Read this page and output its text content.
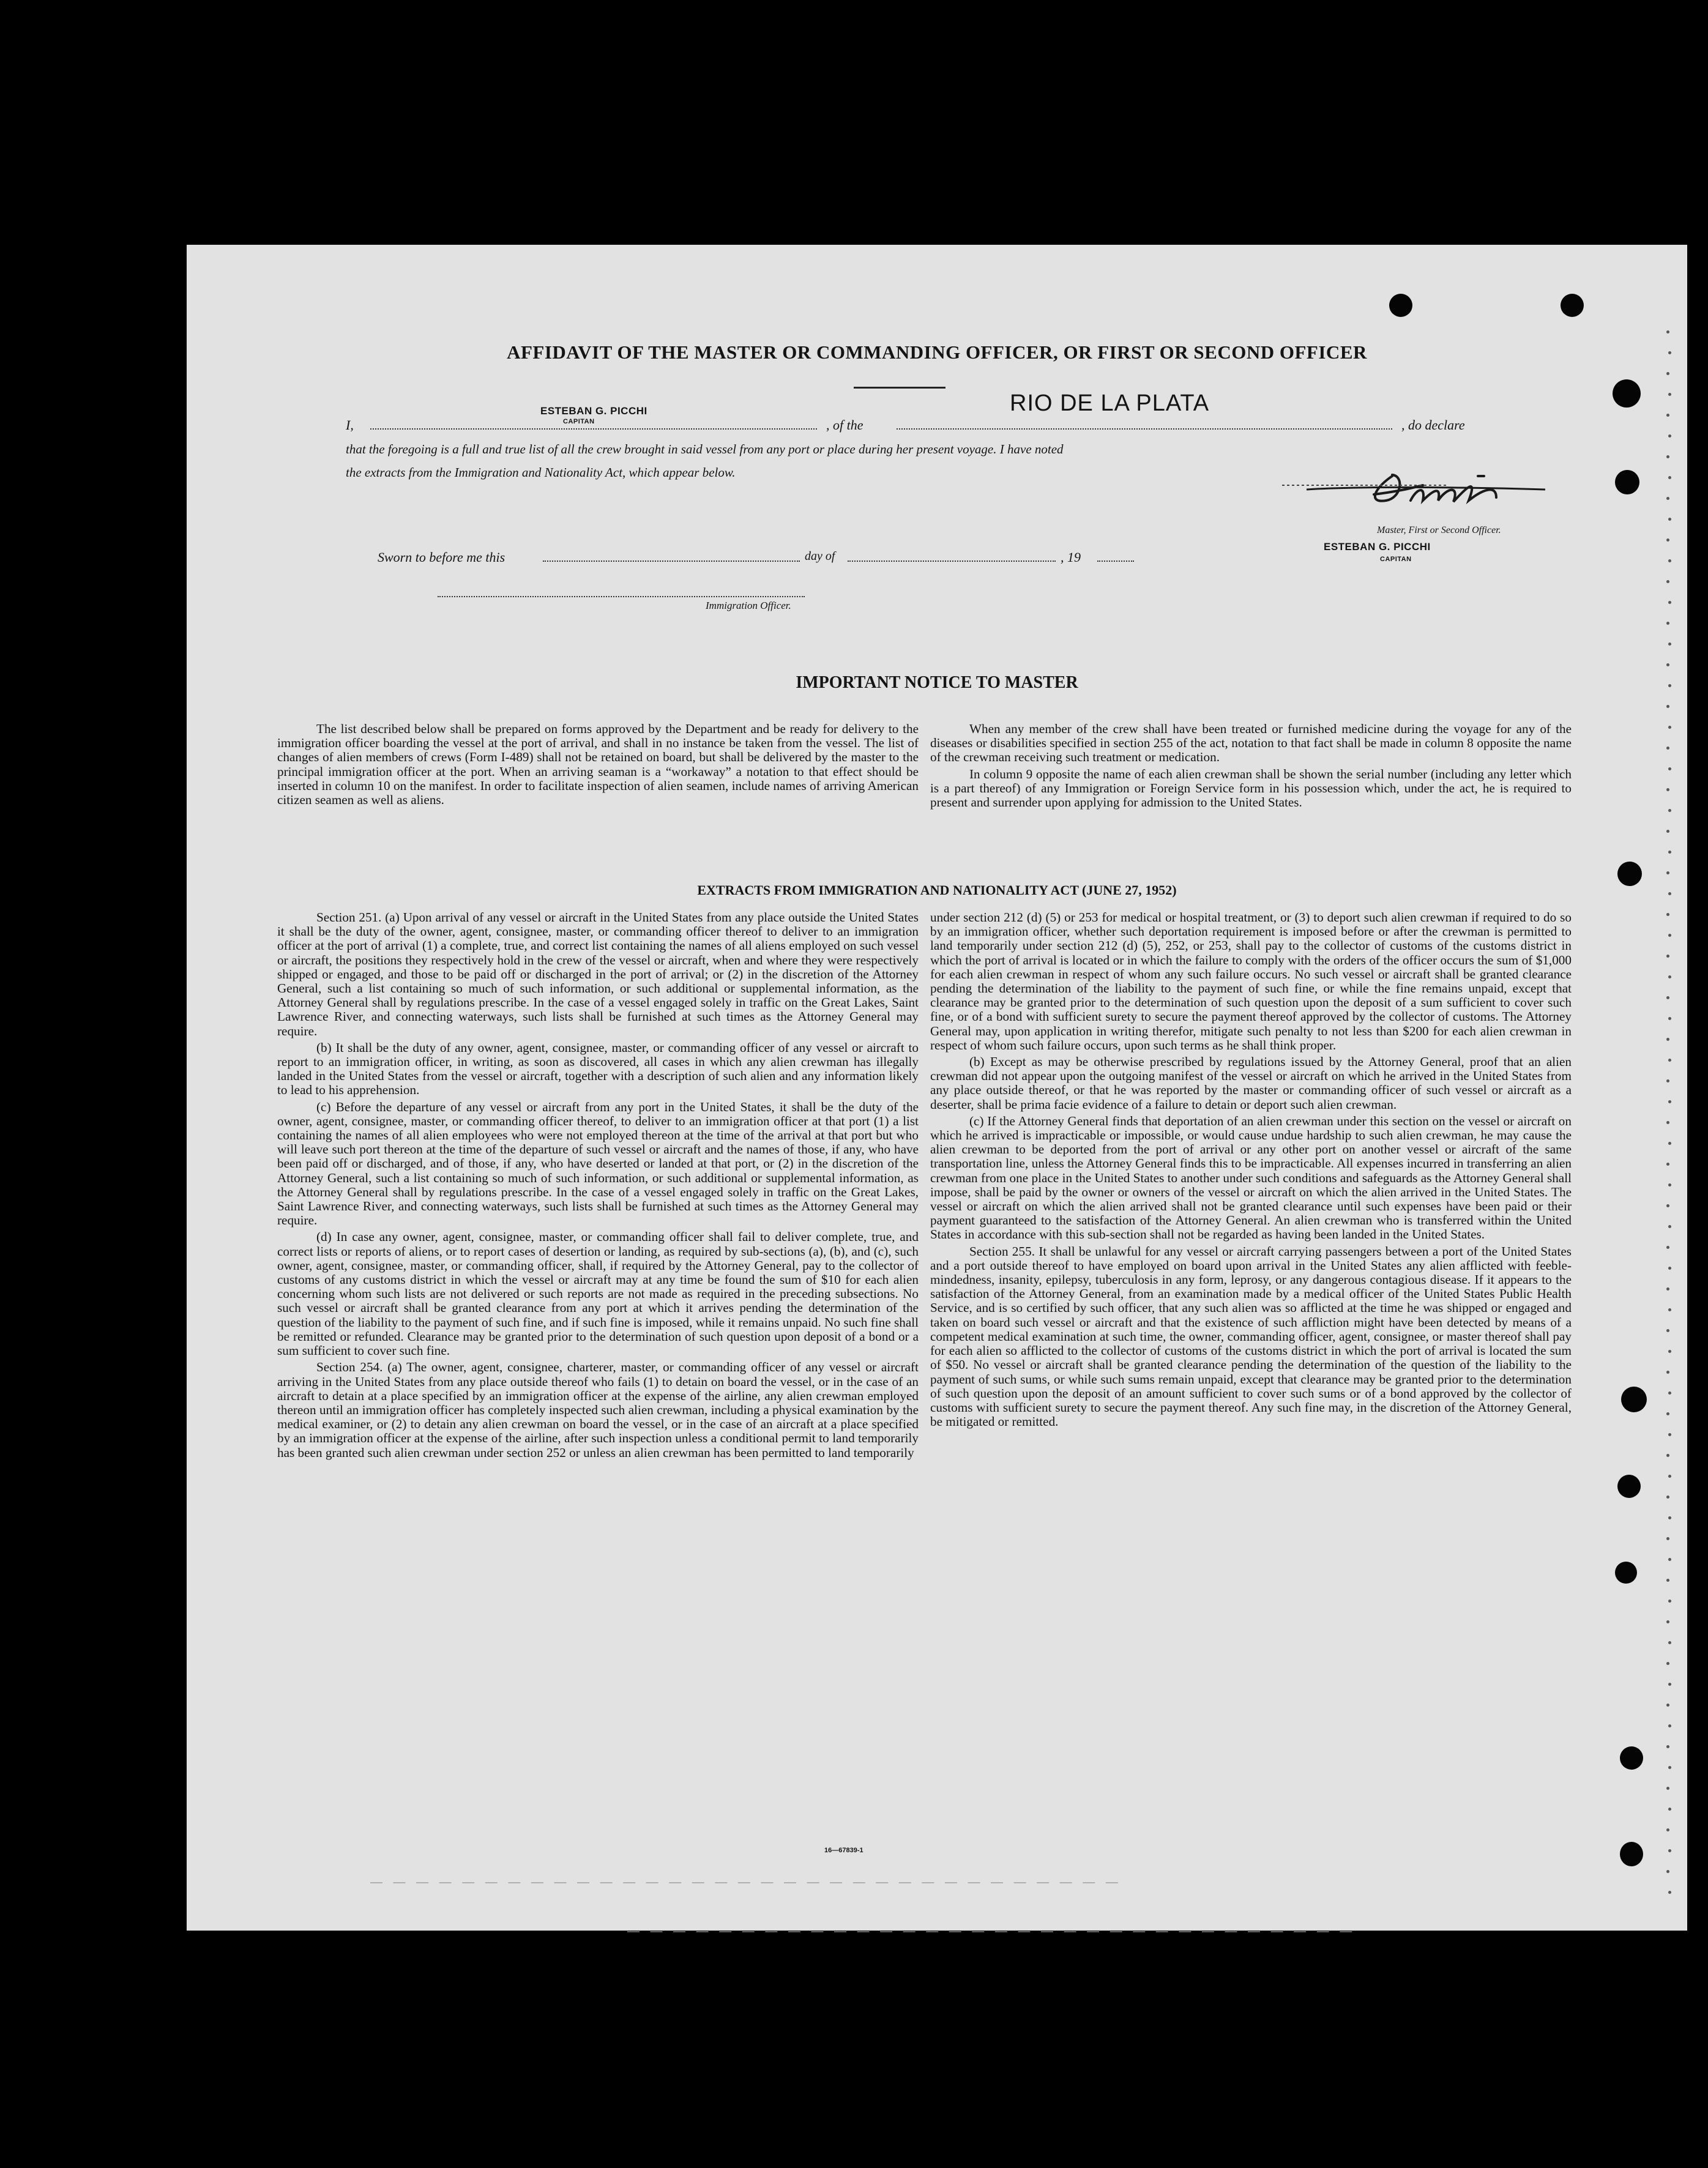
— — — — — — — — — — — — — — — — — — — — — — — — — — — — — — — — —
— — — — — — — — — — — — — — — — — — — — — — — — — — — — — — — —
AFFIDAVIT OF THE MASTER OR COMMANDING OFFICER, OR FIRST OR SECOND OFFICER
I,	, of the	, do declare
ESTEBAN G. PICCHI
CAPITAN
RIO DE LA PLATA
that the foregoing is a full and true list of all the crew brought in said vessel from any port or place during her present voyage. I have noted
the extracts from the Immigration and Nationality Act, which appear below.
Master, First or Second Officer.
ESTEBAN G. PICCHI
CAPITAN
Sworn to before me this	day of	, 19
Immigration Officer.
IMPORTANT NOTICE TO MASTER

The list described below shall be prepared on forms approved by the Department and be ready for delivery to the immigration officer boarding the vessel at the port of arrival, and shall in no instance be taken from the vessel. The list of changes of alien members of crews (Form I-489) shall not be retained on board, but shall be delivered by the master to the principal immigration officer at the port. When an arriving seaman is a “workaway” a notation to that effect should be inserted in column 10 on the manifest. In order to facilitate inspection of alien seamen, include names of arriving American citizen seamen as well as aliens.

When any member of the crew shall have been treated or furnished medicine during the voyage for any of the diseases or disabilities specified in section 255 of the act, notation to that fact shall be made in column 8 opposite the name of the crewman receiving such treatment or medication.

In column 9 opposite the name of each alien crewman shall be shown the serial number (including any letter which is a part thereof) of any Immigration or Foreign Service form in his possession which, under the act, he is required to present and surrender upon applying for admission to the United States.

EXTRACTS FROM IMMIGRATION AND NATIONALITY ACT (JUNE 27, 1952)

Section 251. (a) Upon arrival of any vessel or aircraft in the United States from any place outside the United States it shall be the duty of the owner, agent, consignee, master, or commanding officer thereof to deliver to an immigration officer at the port of arrival (1) a complete, true, and correct list containing the names of all aliens employed on such vessel or aircraft, the positions they respectively hold in the crew of the vessel or aircraft, when and where they were respectively shipped or engaged, and those to be paid off or discharged in the port of arrival; or (2) in the discretion of the Attorney General, such a list containing so much of such information, or such additional or supplemental information, as the Attorney General shall by regulations prescribe. In the case of a vessel engaged solely in traffic on the Great Lakes, Saint Lawrence River, and connecting waterways, such lists shall be furnished at such times as the Attorney General may require.

(b) It shall be the duty of any owner, agent, consignee, master, or commanding officer of any vessel or aircraft to report to an immigration officer, in writing, as soon as discovered, all cases in which any alien crewman has illegally landed in the United States from the vessel or aircraft, together with a description of such alien and any information likely to lead to his apprehension.

(c) Before the departure of any vessel or aircraft from any port in the United States, it shall be the duty of the owner, agent, consignee, master, or commanding officer thereof, to deliver to an immigration officer at that port (1) a list containing the names of all alien employees who were not employed thereon at the time of the arrival at that port but who will leave such port thereon at the time of the departure of such vessel or aircraft and the names of those, if any, who have been paid off or discharged, and of those, if any, who have deserted or landed at that port, or (2) in the discretion of the Attorney General, such a list containing so much of such information, or such additional or supplemental information, as the Attorney General shall by regulations prescribe. In the case of a vessel engaged solely in traffic on the Great Lakes, Saint Lawrence River, and connecting waterways, such lists shall be furnished at such times as the Attorney General may require.

(d) In case any owner, agent, consignee, master, or commanding officer shall fail to deliver complete, true, and correct lists or reports of aliens, or to report cases of desertion or landing, as required by sub-sections (a), (b), and (c), such owner, agent, consignee, master, or commanding officer, shall, if required by the Attorney General, pay to the collector of customs of any customs district in which the vessel or aircraft may at any time be found the sum of $10 for each alien concerning whom such lists are not delivered or such reports are not made as required in the preceding subsections. No such vessel or aircraft shall be granted clearance from any port at which it arrives pending the determination of the question of the liability to the payment of such fine, and if such fine is imposed, while it remains unpaid. No such fine shall be remitted or refunded. Clearance may be granted prior to the determination of such question upon deposit of a bond or a sum sufficient to cover such fine.

Section 254. (a) The owner, agent, consignee, charterer, master, or commanding officer of any vessel or aircraft arriving in the United States from any place outside thereof who fails (1) to detain on board the vessel, or in the case of an aircraft to detain at a place specified by an immigration officer at the expense of the airline, any alien crewman employed thereon until an immigration officer has completely inspected such alien crewman, including a physical examination by the medical examiner, or (2) to detain any alien crewman on board the vessel, or in the case of an aircraft at a place specified by an immigration officer at the expense of the airline, after such inspection unless a conditional permit to land temporarily has been granted such alien crewman under section 252 or unless an alien crewman has been permitted to land temporarily

under section 212 (d) (5) or 253 for medical or hospital treatment, or (3) to deport such alien crewman if required to do so by an immigration officer, whether such deportation requirement is imposed before or after the crewman is permitted to land temporarily under section 212 (d) (5), 252, or 253, shall pay to the collector of customs of the customs district in which the port of arrival is located or in which the failure to comply with the orders of the officer occurs the sum of $1,000 for each alien crewman in respect of whom any such failure occurs. No such vessel or aircraft shall be granted clearance pending the determination of the liability to the payment of such fine, or while the fine remains unpaid, except that clearance may be granted prior to the determination of such question upon the deposit of a sum sufficient to cover such fine, or of a bond with sufficient surety to secure the payment thereof approved by the collector of customs. The Attorney General may, upon application in writing therefor, mitigate such penalty to not less than $200 for each alien crewman in respect of whom such failure occurs, upon such terms as he shall think proper.

(b) Except as may be otherwise prescribed by regulations issued by the Attorney General, proof that an alien crewman did not appear upon the outgoing manifest of the vessel or aircraft on which he arrived in the United States from any place outside thereof, or that he was reported by the master or commanding officer of such vessel or aircraft as a deserter, shall be prima facie evidence of a failure to detain or deport such alien crewman.

(c) If the Attorney General finds that deportation of an alien crewman under this section on the vessel or aircraft on which he arrived is impracticable or impossible, or would cause undue hardship to such alien crewman, he may cause the alien crewman to be deported from the port of arrival or any other port on another vessel or aircraft of the same transportation line, unless the Attorney General finds this to be impracticable. All expenses incurred in transferring an alien crewman from one place in the United States to another under such conditions and safeguards as the Attorney General shall impose, shall be paid by the owner or owners of the vessel or aircraft on which the alien arrived in the United States. The vessel or aircraft on which the alien arrived shall not be granted clearance until such expenses have been paid or their payment guaranteed to the satisfaction of the Attorney General. An alien crewman who is transferred within the United States in accordance with this sub-section shall not be regarded as having been landed in the United States.

Section 255. It shall be unlawful for any vessel or aircraft carrying passengers between a port of the United States and a port outside thereof to have employed on board upon arrival in the United States any alien afflicted with feeble-mindedness, insanity, epilepsy, tuberculosis in any form, leprosy, or any dangerous contagious disease. If it appears to the satisfaction of the Attorney General, from an examination made by a medical officer of the United States Public Health Service, and is so certified by such officer, that any such alien was so afflicted at the time he was shipped or engaged and taken on board such vessel or aircraft and that the existence of such affliction might have been detected by means of a competent medical examination at such time, the owner, commanding officer, agent, consignee, or master thereof shall pay for each alien so afflicted to the collector of customs of the customs district in which the port of arrival is located the sum of $50. No vessel or aircraft shall be granted clearance pending the determination of the question of the liability to the payment of such sums, or while such sums remain unpaid, except that clearance may be granted prior to the determination of such question upon the deposit of an amount sufficient to cover such sums or of a bond approved by the collector of customs with sufficient surety to secure the payment thereof. Any such fine may, in the discretion of the Attorney General, be mitigated or remitted.

16—67839-1
